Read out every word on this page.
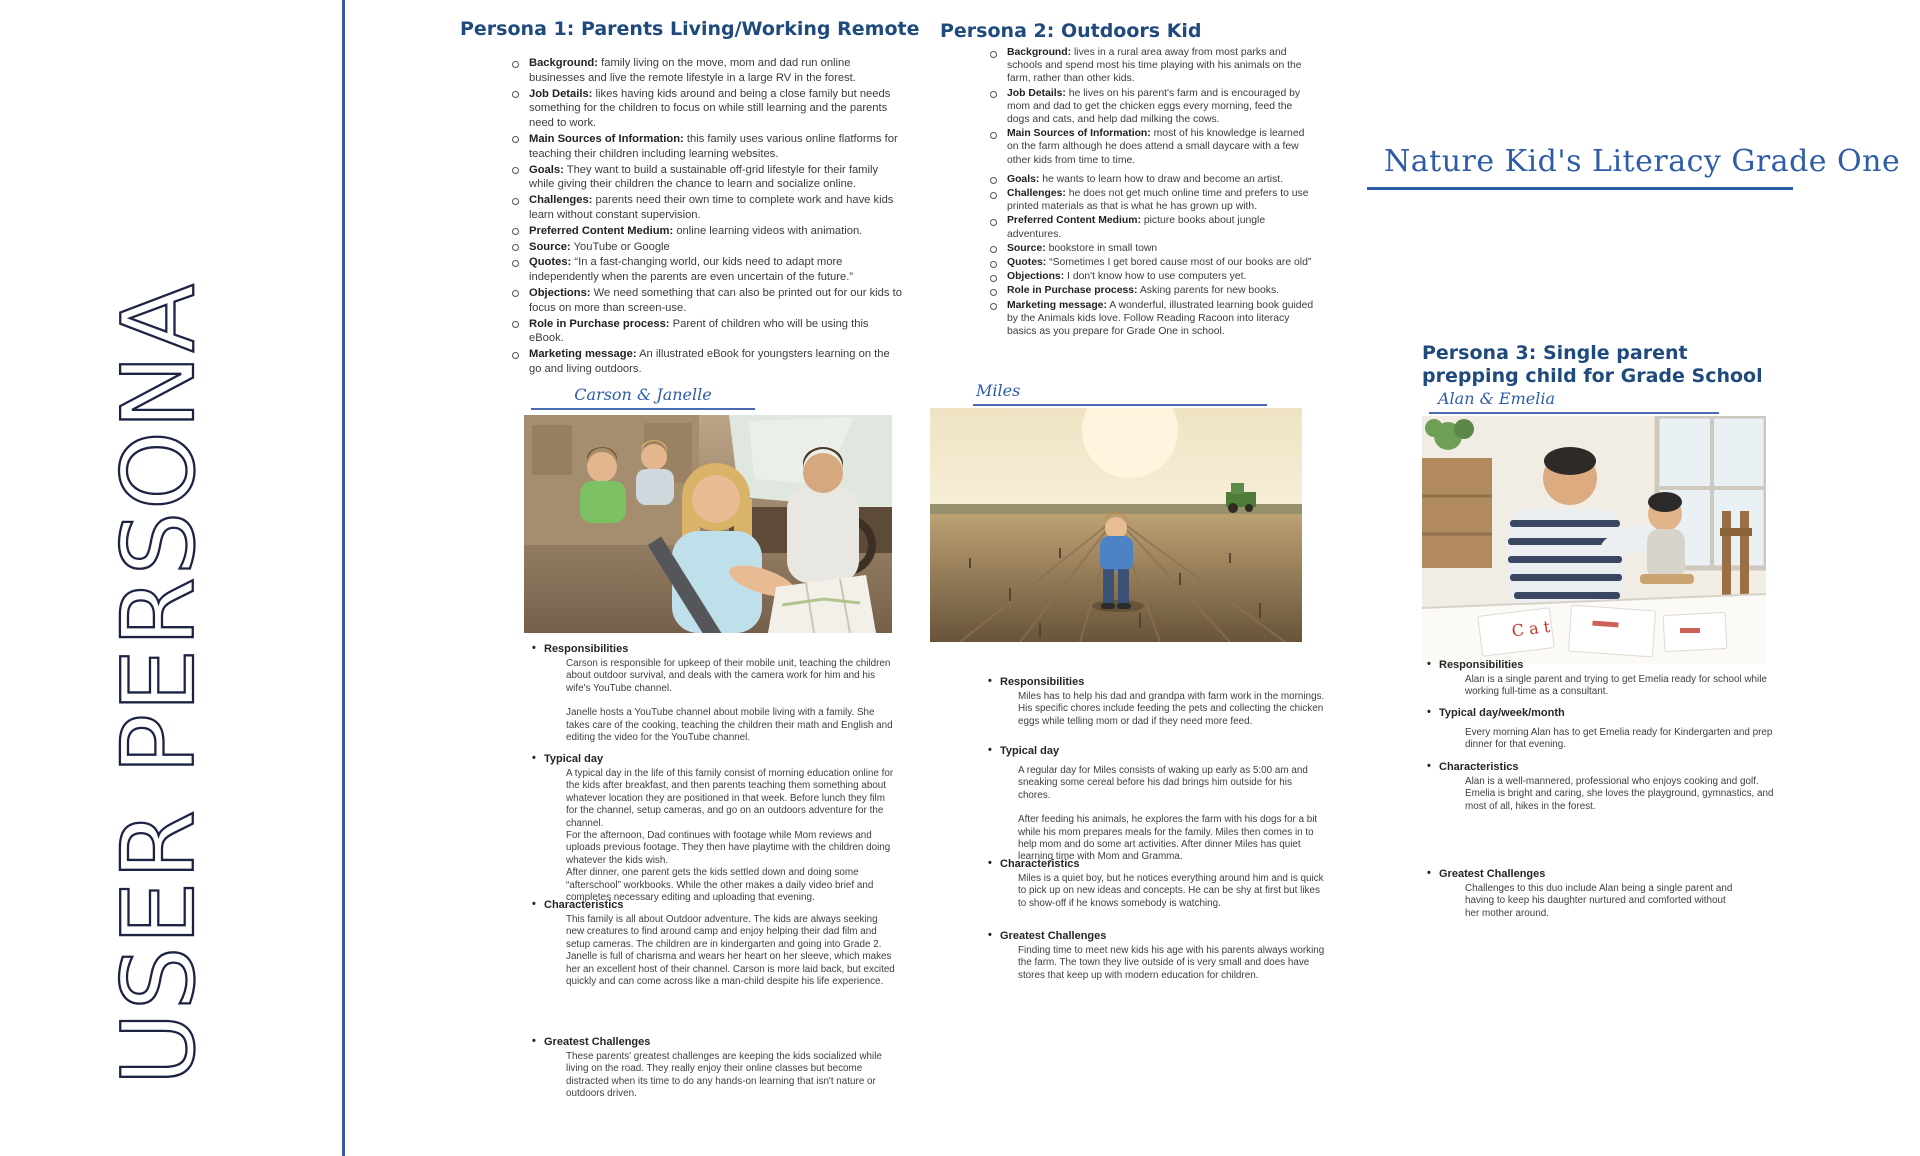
USER PERSONA
Nature Kid's Literacy Grade One
Persona 1: Parents Living/Working Remote
Background: family living on the move, mom and dad run online businesses and live the remote lifestyle in a large RV in the forest.
Job Details: likes having kids around and being a close family but needs something for the children to focus on while still learning and the parents need to work.
Main Sources of Information: this family uses various online flatforms for teaching their children including learning websites.
Goals: They want to build a sustainable off-grid lifestyle for their family while giving their children the chance to learn and socialize online.
Challenges: parents need their own time to complete work and have kids learn without constant supervision.
Preferred Content Medium: online learning videos with animation.
Source: YouTube or Google
Quotes: “In a fast-changing world, our kids need to adapt more independently when the parents are even uncertain of the future.”
Objections: We need something that can also be printed out for our kids to focus on more than screen-use.
Role in Purchase process: Parent of children who will be using this eBook.
Marketing message: An illustrated eBook for youngsters learning on the go and living outdoors.
Carson & Janelle
• Responsibilities

Carson is responsible for upkeep of their mobile unit, teaching the children about outdoor survival, and deals with the camera work for him and his wife's YouTube channel.

Janelle hosts a YouTube channel about mobile living with a family. She takes care of the cooking, teaching the children their math and English and editing the video for the YouTube channel.

• Typical day

A typical day in the life of this family consist of morning education online for the kids after breakfast, and then parents teaching them something about whatever location they are positioned in that week. Before lunch they film for the channel, setup cameras, and go on an outdoors adventure for the channel.

For the afternoon, Dad continues with footage while Mom reviews and uploads previous footage. They then have playtime with the children doing whatever the kids wish.

After dinner, one parent gets the kids settled down and doing some “afterschool” workbooks. While the other makes a daily video brief and completes necessary editing and uploading that evening.

• Characteristics

This family is all about Outdoor adventure. The kids are always seeking new creatures to find around camp and enjoy helping their dad film and setup cameras. The children are in kindergarten and going into Grade 2.

Janelle is full of charisma and wears her heart on her sleeve, which makes her an excellent host of their channel. Carson is more laid back, but excited quickly and can come across like a man-child despite his life experience.

• Greatest Challenges

These parents' greatest challenges are keeping the kids socialized while living on the road. They really enjoy their online classes but become distracted when its time to do any hands-on learning that isn't nature or outdoors driven.

Persona 2: Outdoors Kid
Background: lives in a rural area away from most parks and schools and spend most his time playing with his animals on the farm, rather than other kids.
Job Details: he lives on his parent's farm and is encouraged by mom and dad to get the chicken eggs every morning, feed the dogs and cats, and help dad milking the cows.
Main Sources of Information: most of his knowledge is learned on the farm although he does attend a small daycare with a few other kids from time to time.
Goals: he wants to learn how to draw and become an artist.
Challenges: he does not get much online time and prefers to use printed materials as that is what he has grown up with.
Preferred Content Medium: picture books about jungle adventures.
Source: bookstore in small town
Quotes: “Sometimes I get bored cause most of our books are old”
Objections: I don't know how to use computers yet.
Role in Purchase process: Asking parents for new books.
Marketing message: A wonderful, illustrated learning book guided by the Animals kids love. Follow Reading Racoon into literacy basics as you prepare for Grade One in school.
Miles
• Responsibilities

Miles has to help his dad and grandpa with farm work in the mornings. His specific chores include feeding the pets and collecting the chicken eggs while telling mom or dad if they need more feed.

• Typical day

A regular day for Miles consists of waking up early as 5:00 am and sneaking some cereal before his dad brings him outside for his chores.

After feeding his animals, he explores the farm with his dogs for a bit while his mom prepares meals for the family. Miles then comes in to help mom and do some art activities. After dinner Miles has quiet learning time with Mom and Gramma.

• Characteristics

Miles is a quiet boy, but he notices everything around him and is quick to pick up on new ideas and concepts. He can be shy at first but likes to show-off if he knows somebody is watching.

• Greatest Challenges

Finding time to meet new kids his age with his parents always working the farm. The town they live outside of is very small and does have stores that keep up with modern education for children.

Persona 3: Single parent prepping child for Grade School
Alan & Emelia
C a t
• Responsibilities

Alan is a single parent and trying to get Emelia ready for school while working full-time as a consultant.

• Typical day/week/month

Every morning Alan has to get Emelia ready for Kindergarten and prep dinner for that evening.

• Characteristics

Alan is a well-mannered, professional who enjoys cooking and golf. Emelia is bright and caring, she loves the playground, gymnastics, and most of all, hikes in the forest.

• Greatest Challenges

Challenges to this duo include Alan being a single parent and having to keep his daughter nurtured and comforted without her mother around.
